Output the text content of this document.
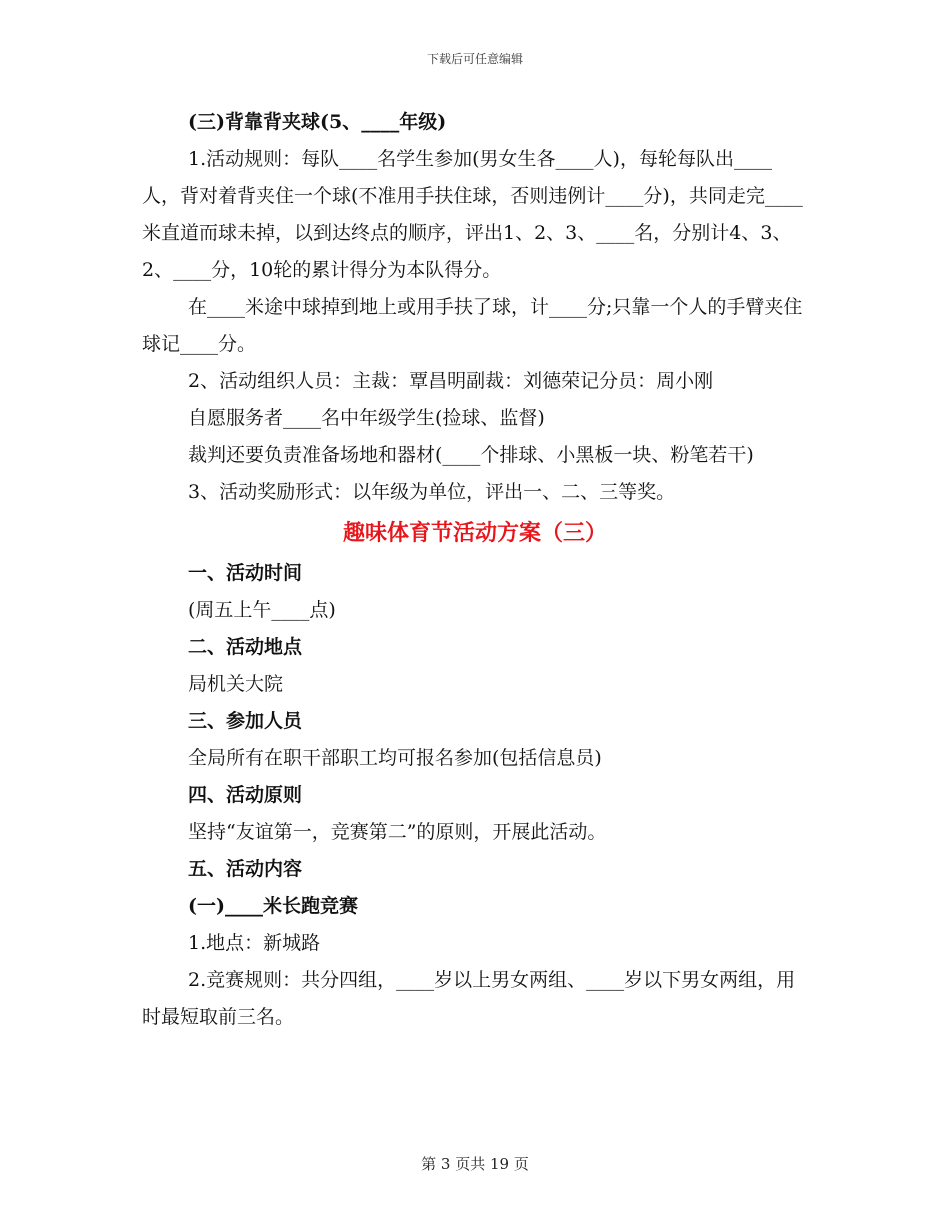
下载后可任意编辑

(三)背靠背夹球(5、____年级)

1.活动规则：每队____名学生参加(男女生各____人)，每轮每队出____人，背对着背夹住一个球(不准用手扶住球，否则违例计____分)，共同走完____米直道而球未掉，以到达终点的顺序，评出1、2、3、____名，分别计4、3、2、____分，10轮的累计得分为本队得分。

在____米途中球掉到地上或用手扶了球，计____分;只靠一个人的手臂夹住球记____分。

2、活动组织人员：主裁：覃昌明副裁：刘德荣记分员：周小刚

自愿服务者____名中年级学生(捡球、监督)

裁判还要负责准备场地和器材(____个排球、小黑板一块、粉笔若干)

3、活动奖励形式：以年级为单位，评出一、二、三等奖。

趣味体育节活动方案（三）

一、活动时间

(周五上午____点)

二、活动地点

局机关大院

三、参加人员

全局所有在职干部职工均可报名参加(包括信息员)

四、活动原则

坚持“友谊第一，竞赛第二”的原则，开展此活动。

五、活动内容

(一)____米长跑竞赛

1.地点：新城路

2.竞赛规则：共分四组，____岁以上男女两组、____岁以下男女两组，用时最短取前三名。

第 3 页共 19 页
